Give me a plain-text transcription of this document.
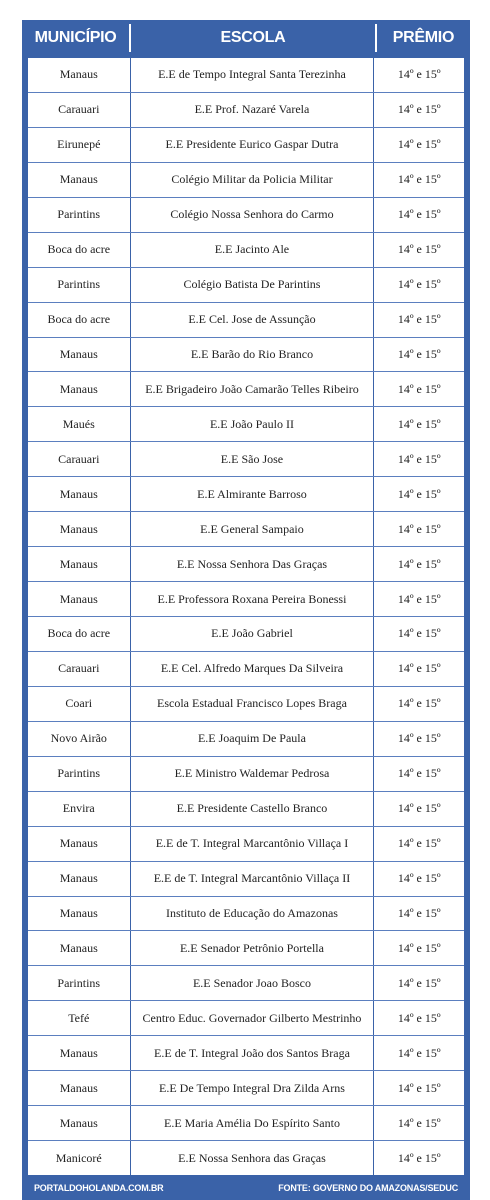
MUNICÍPIO	ESCOLA	PRÊMIO
Manaus	E.E de Tempo Integral Santa Terezinha	14º e 15º
Carauari	E.E Prof. Nazaré Varela	14º e 15º
Eirunepé	E.E Presidente Eurico Gaspar Dutra	14º e 15º
Manaus	Colégio Militar da Policia Militar	14º e 15º
Parintins	Colégio Nossa Senhora do Carmo	14º e 15º
Boca do acre	E.E Jacinto Ale	14º e 15º
Parintins	Colégio Batista De Parintins	14º e 15º
Boca do acre	E.E Cel. Jose de Assunção	14º e 15º
Manaus	E.E Barão do Rio Branco	14º e 15º
Manaus	E.E Brigadeiro João Camarão Telles Ribeiro	14º e 15º
Maués	E.E João Paulo II	14º e 15º
Carauari	E.E São Jose	14º e 15º
Manaus	E.E Almirante Barroso	14º e 15º
Manaus	E.E General Sampaio	14º e 15º
Manaus	E.E Nossa Senhora Das Graças	14º e 15º
Manaus	E.E Professora Roxana Pereira Bonessi	14º e 15º
Boca do acre	E.E João Gabriel	14º e 15º
Carauari	E.E Cel. Alfredo Marques Da Silveira	14º e 15º
Coari	Escola Estadual Francisco Lopes Braga	14º e 15º
Novo Airão	E.E Joaquim De Paula	14º e 15º
Parintins	E.E Ministro Waldemar Pedrosa	14º e 15º
Envira	E.E Presidente Castello Branco	14º e 15º
Manaus	E.E de T. Integral Marcantônio Villaça I	14º e 15º
Manaus	E.E de T. Integral Marcantônio Villaça II	14º e 15º
Manaus	Instituto de Educação do Amazonas	14º e 15º
Manaus	E.E Senador Petrônio Portella	14º e 15º
Parintins	E.E Senador Joao Bosco	14º e 15º
Tefé	Centro Educ. Governador Gilberto Mestrinho	14º e 15º
Manaus	E.E de T. Integral João dos Santos Braga	14º e 15º
Manaus	E.E De Tempo Integral Dra Zilda Arns	14º e 15º
Manaus	E.E Maria Amélia Do Espírito Santo	14º e 15º
Manicoré	E.E Nossa Senhora das Graças	14º e 15º
PORTALDOHOLANDA.COM.BR	FONTE: GOVERNO DO AMAZONAS/SEDUC
